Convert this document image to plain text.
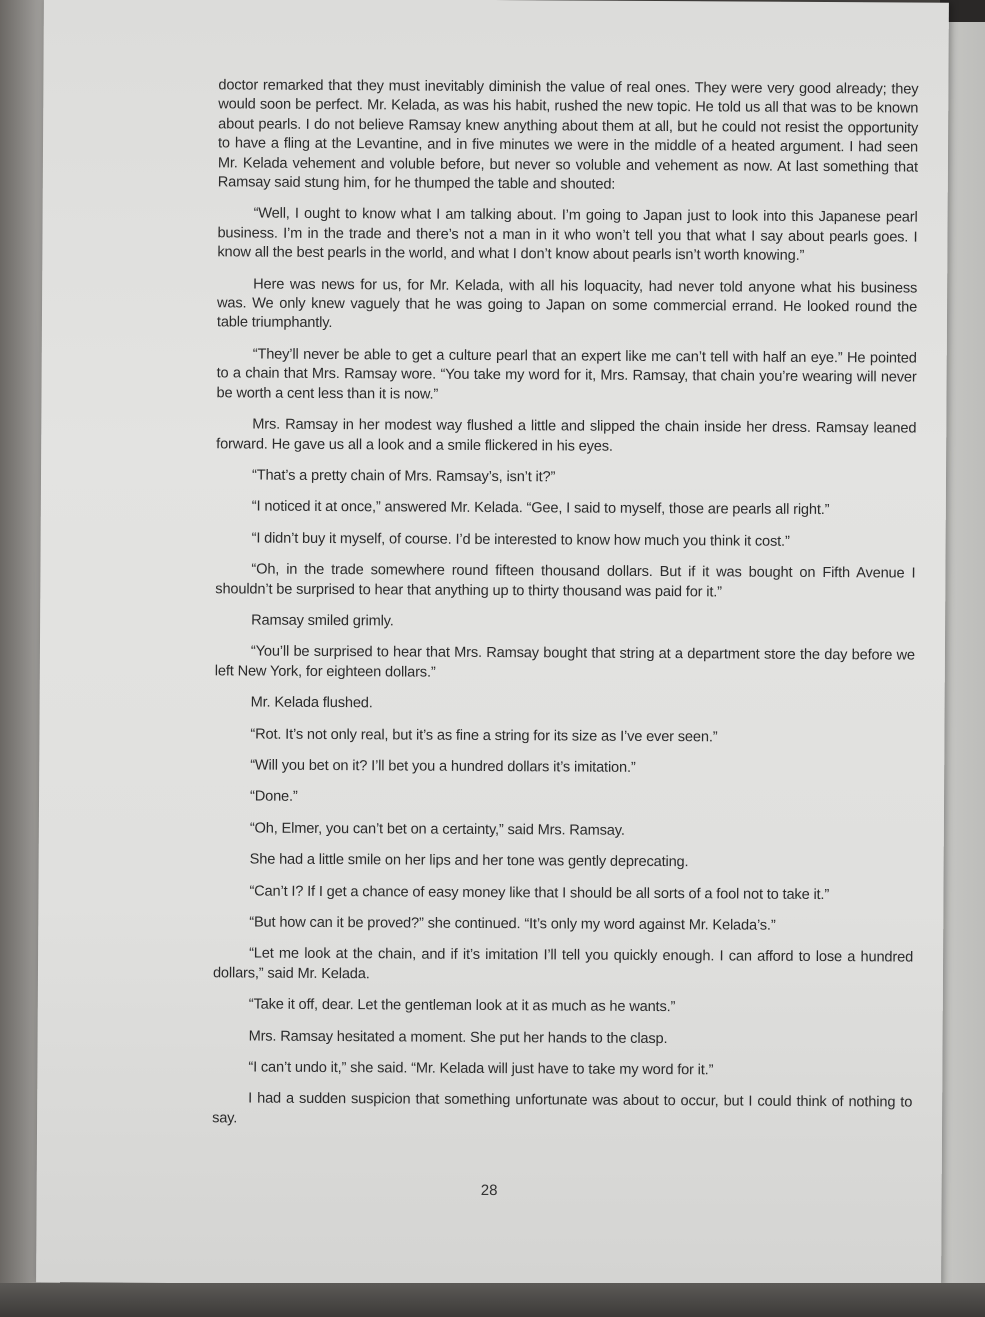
doctor remarked that they must inevitably diminish the value of real ones. They were very good already; they would soon be perfect. Mr. Kelada, as was his habit, rushed the new topic. He told us all that was to be known about pearls. I do not believe Ramsay knew anything about them at all, but he could not resist the opportunity to have a fling at the Levantine, and in five minutes we were in the middle of a heated argument. I had seen Mr. Kelada vehement and voluble before, but never so voluble and vehement as now. At last something that Ramsay said stung him, for he thumped the table and shouted:

“Well, I ought to know what I am talking about. I’m going to Japan just to look into this Japanese pearl business. I’m in the trade and there’s not a man in it who won’t tell you that what I say about pearls goes. I know all the best pearls in the world, and what I don’t know about pearls isn’t worth knowing.”

Here was news for us, for Mr. Kelada, with all his loquacity, had never told anyone what his business was. We only knew vaguely that he was going to Japan on some commercial errand. He looked round the table triumphantly.

“They’ll never be able to get a culture pearl that an expert like me can’t tell with half an eye.” He pointed to a chain that Mrs. Ramsay wore. “You take my word for it, Mrs. Ramsay, that chain you’re wearing will never be worth a cent less than it is now.”

Mrs. Ramsay in her modest way flushed a little and slipped the chain inside her dress. Ramsay leaned forward. He gave us all a look and a smile flickered in his eyes.

“That’s a pretty chain of Mrs. Ramsay’s, isn’t it?”

“I noticed it at once,” answered Mr. Kelada. “Gee, I said to myself, those are pearls all right.”

“I didn’t buy it myself, of course. I’d be interested to know how much you think it cost.”

“Oh, in the trade somewhere round fifteen thousand dollars. But if it was bought on Fifth Avenue I shouldn’t be surprised to hear that anything up to thirty thousand was paid for it.”

Ramsay smiled grimly.

“You’ll be surprised to hear that Mrs. Ramsay bought that string at a department store the day before we left New York, for eighteen dollars.”

Mr. Kelada flushed.

“Rot. It’s not only real, but it’s as fine a string for its size as I’ve ever seen.”

“Will you bet on it? I’ll bet you a hundred dollars it’s imitation.”

“Done.”

“Oh, Elmer, you can’t bet on a certainty,” said Mrs. Ramsay.

She had a little smile on her lips and her tone was gently deprecating.

“Can’t I? If I get a chance of easy money like that I should be all sorts of a fool not to take it.”

“But how can it be proved?” she continued. “It’s only my word against Mr. Kelada’s.”

“Let me look at the chain, and if it’s imitation I’ll tell you quickly enough. I can afford to lose a hundred dollars,” said Mr. Kelada.

“Take it off, dear. Let the gentleman look at it as much as he wants.”

Mrs. Ramsay hesitated a moment. She put her hands to the clasp.

“I can’t undo it,” she said. “Mr. Kelada will just have to take my word for it.”

I had a sudden suspicion that something unfortunate was about to occur, but I could think of nothing to say.

28
